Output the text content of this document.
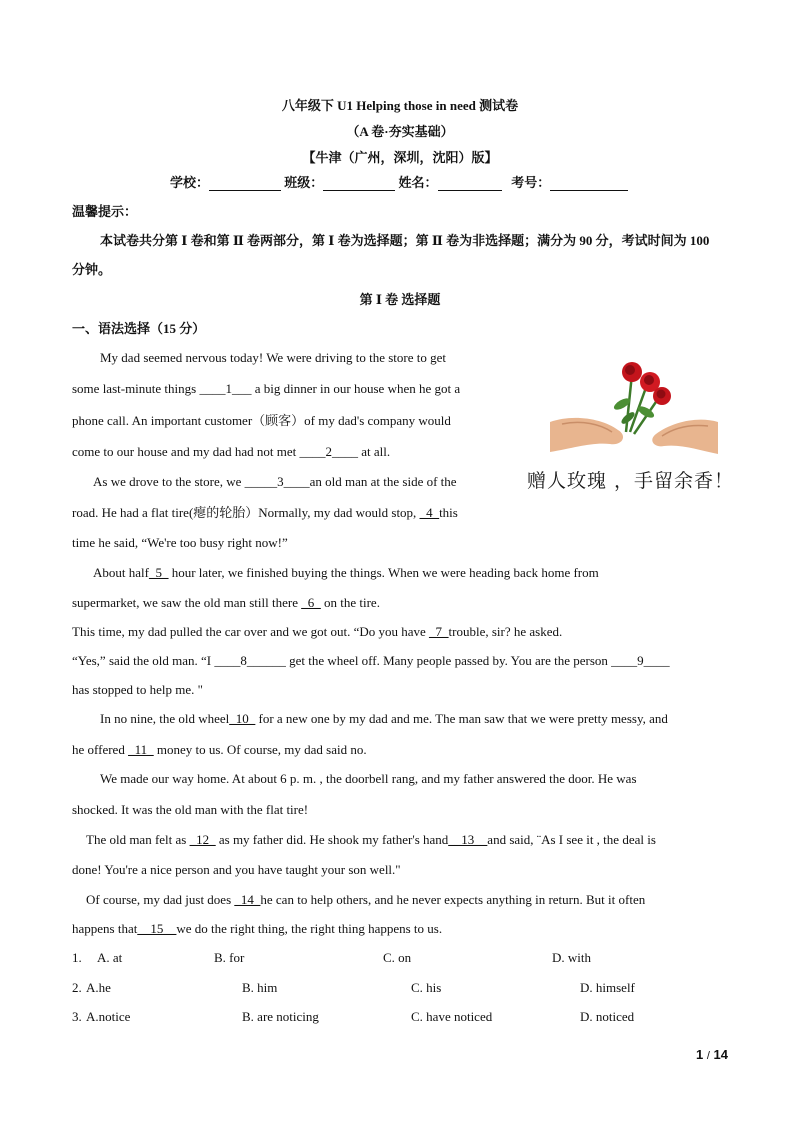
八年级下 U1 Helping those in need 测试卷
（A 卷·夯实基础）
【牛津（广州，深圳，沈阳）版】
学校：	班级：	姓名：	考号：
温馨提示：
本试卷共分第 Ⅰ 卷和第 Ⅱ 卷两部分，第 Ⅰ 卷为选择题；第 Ⅱ 卷为非选择题；满分为 90 分，考试时间为 100
分钟。
第 Ⅰ 卷 选择题
一、语法选择（15 分）
赠人玫瑰 ，手留余香！
My dad seemed nervous today! We were driving to the store to get
some last-minute things ____1___ a big dinner in our house when he got a
phone call. An important customer（顾客）of my dad's company would
come to our house and my dad had not met ____2____ at all.
As we drove to the store, we _____3____an old man at the side of the
road. He had a flat tire(瘪的轮胎）Normally, my dad would stop, _4_this
time he said, “We're too busy right now!”
About half_5_ hour later, we finished buying the things. When we were heading back home from
supermarket, we saw the old man still there _6_ on the tire.
This time, my dad pulled the car over and we got out. “Do you have _7_trouble, sir? he asked.
“Yes,” said the old man. “I ____8______ get the wheel off. Many people passed by. You are the person ____9____
has stopped to help me. "
In no nine, the old wheel_10_ for a new one by my dad and me. The man saw that we were pretty messy, and
he offered _11_ money to us. Of course, my dad said no.
We made our way home. At about 6 p. m. , the doorbell rang, and my father answered the door. He was
shocked. It was the old man with the flat tire!
The old man felt as _12_ as my father did. He shook my father's hand__13__and said, ¨As I see it , the deal is
done! You're a nice person and you have taught your son well."
Of course, my dad just does _14_he can to help others, and he never expects anything in return. But it often
happens that__15__we do the right thing, the right thing happens to us.
1. A. at	B. for	C. on	D. with
2. A.he	B. him	C. his	D. himself
3. A.notice	B. are noticing	C. have noticed	D. noticed
1 / 14
